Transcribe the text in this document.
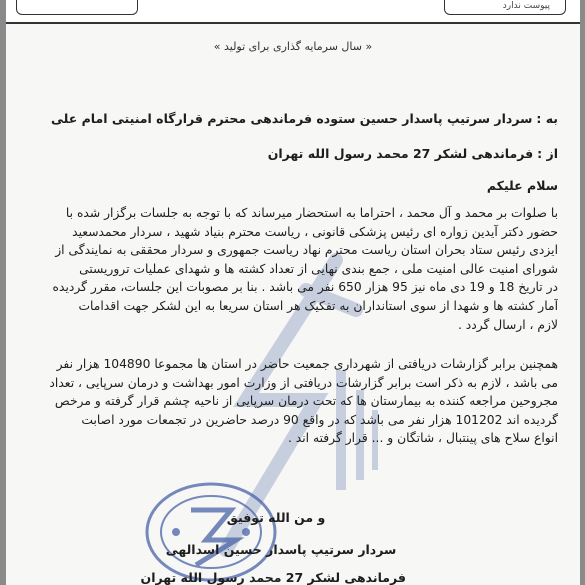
پیوست ندارد
« سال سرمایه گذاری برای تولید »
به : سردار سرتیپ پاسدار حسین ستوده فرماندهی محترم قرارگاه امنیتی امام علی
از : فرماندهی لشکر 27 محمد رسول الله تهران
سلام علیکم
با صلوات بر محمد و آل محمد ، احتراما به استحضار میرساند که با توجه به جلسات برگزار شده با
حضور دکتر آیدین زواره ای رئیس پزشکی قانونی ، ریاست محترم بنیاد شهید ، سردار محمدسعید
ایزدی رئیس ستاد بحران استان ریاست محترم نهاد ریاست جمهوری و سردار محققی به نمایندگی از
شورای امنیت عالی امنیت ملی ، جمع بندی نهایی از تعداد کشته ها و شهدای عملیات تروریستی
در تاریخ 18 و 19 دی ماه نیز 95 هزار 650 نفر می باشد . بنا بر مصوبات این جلسات، مقرر گردیده
آمار کشته ها و شهدا از سوی استانداران به تفکیک هر استان سریعا به این لشکر جهت اقدامات
لازم ، ارسال گردد .
همچنین برابر گزارشات دریافتی از شهرداری جمعیت حاضر در استان ها مجموعا 104890 هزار نفر
می باشد ، لازم به ذکر است برابر گزارشات دریافتی از وزارت امور بهداشت و درمان سرپایی ، تعداد
مجروحین مراجعه کننده به بیمارستان ها که تحت درمان سرپایی از ناحیه چشم قرار گرفته و مرخص
گردیده اند 101202 هزار نفر می باشد که در واقع 90 درصد حاضرین در تجمعات مورد اصابت
انواع سلاح های پینتبال ، شاتگان و ... قرار گرفته اند .
و من الله توفیق
سردار سرتیپ پاسدار حسین اسدالهی
فرماندهی لشکر 27 محمد رسول الله تهران
